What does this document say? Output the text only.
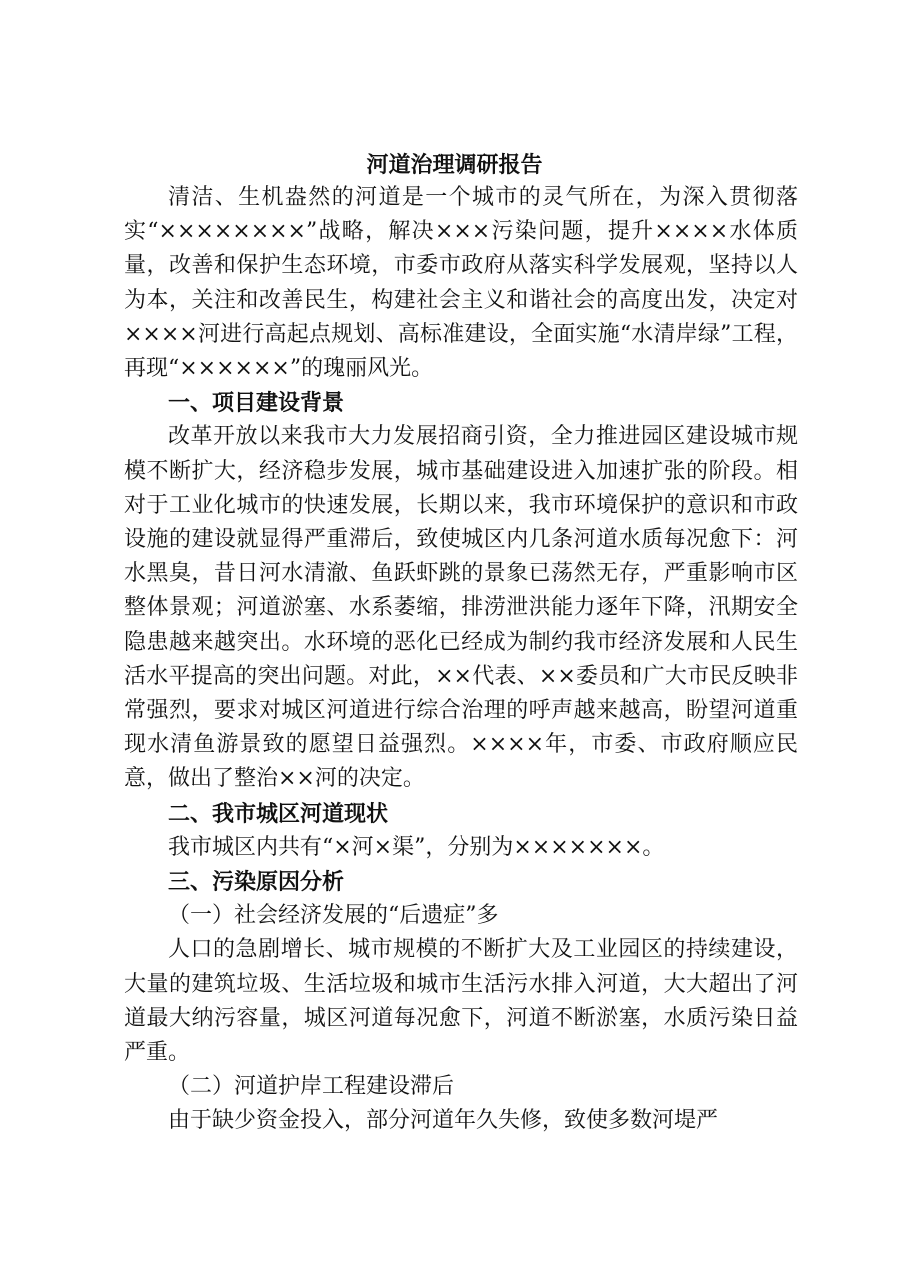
河道治理调研报告

清洁、生机盎然的河道是一个城市的灵气所在，为深入贯彻落实“××××××××”战略，解决×××污染问题，提升××××水体质量，改善和保护生态环境，市委市政府从落实科学发展观，坚持以人为本，关注和改善民生，构建社会主义和谐社会的高度出发，决定对××××河进行高起点规划、高标准建设，全面实施“水清岸绿”工程，再现“××××××”的瑰丽风光。

一、项目建设背景

改革开放以来我市大力发展招商引资，全力推进园区建设城市规模不断扩大，经济稳步发展，城市基础建设进入加速扩张的阶段。相对于工业化城市的快速发展，长期以来，我市环境保护的意识和市政设施的建设就显得严重滞后，致使城区内几条河道水质每况愈下：河水黑臭，昔日河水清澈、鱼跃虾跳的景象已荡然无存，严重影响市区整体景观；河道淤塞、水系萎缩，排涝泄洪能力逐年下降，汛期安全隐患越来越突出。水环境的恶化已经成为制约我市经济发展和人民生活水平提高的突出问题。对此，××代表、××委员和广大市民反映非常强烈，要求对城区河道进行综合治理的呼声越来越高，盼望河道重现水清鱼游景致的愿望日益强烈。××××年，市委、市政府顺应民意，做出了整治××河的决定。

二、我市城区河道现状

我市城区内共有“×河×渠”，分别为×××××××。

三、污染原因分析

（一）社会经济发展的“后遗症”多

人口的急剧增长、城市规模的不断扩大及工业园区的持续建设，大量的建筑垃圾、生活垃圾和城市生活污水排入河道，大大超出了河道最大纳污容量，城区河道每况愈下，河道不断淤塞，水质污染日益严重。

（二）河道护岸工程建设滞后

由于缺少资金投入，部分河道年久失修，致使多数河堤严
